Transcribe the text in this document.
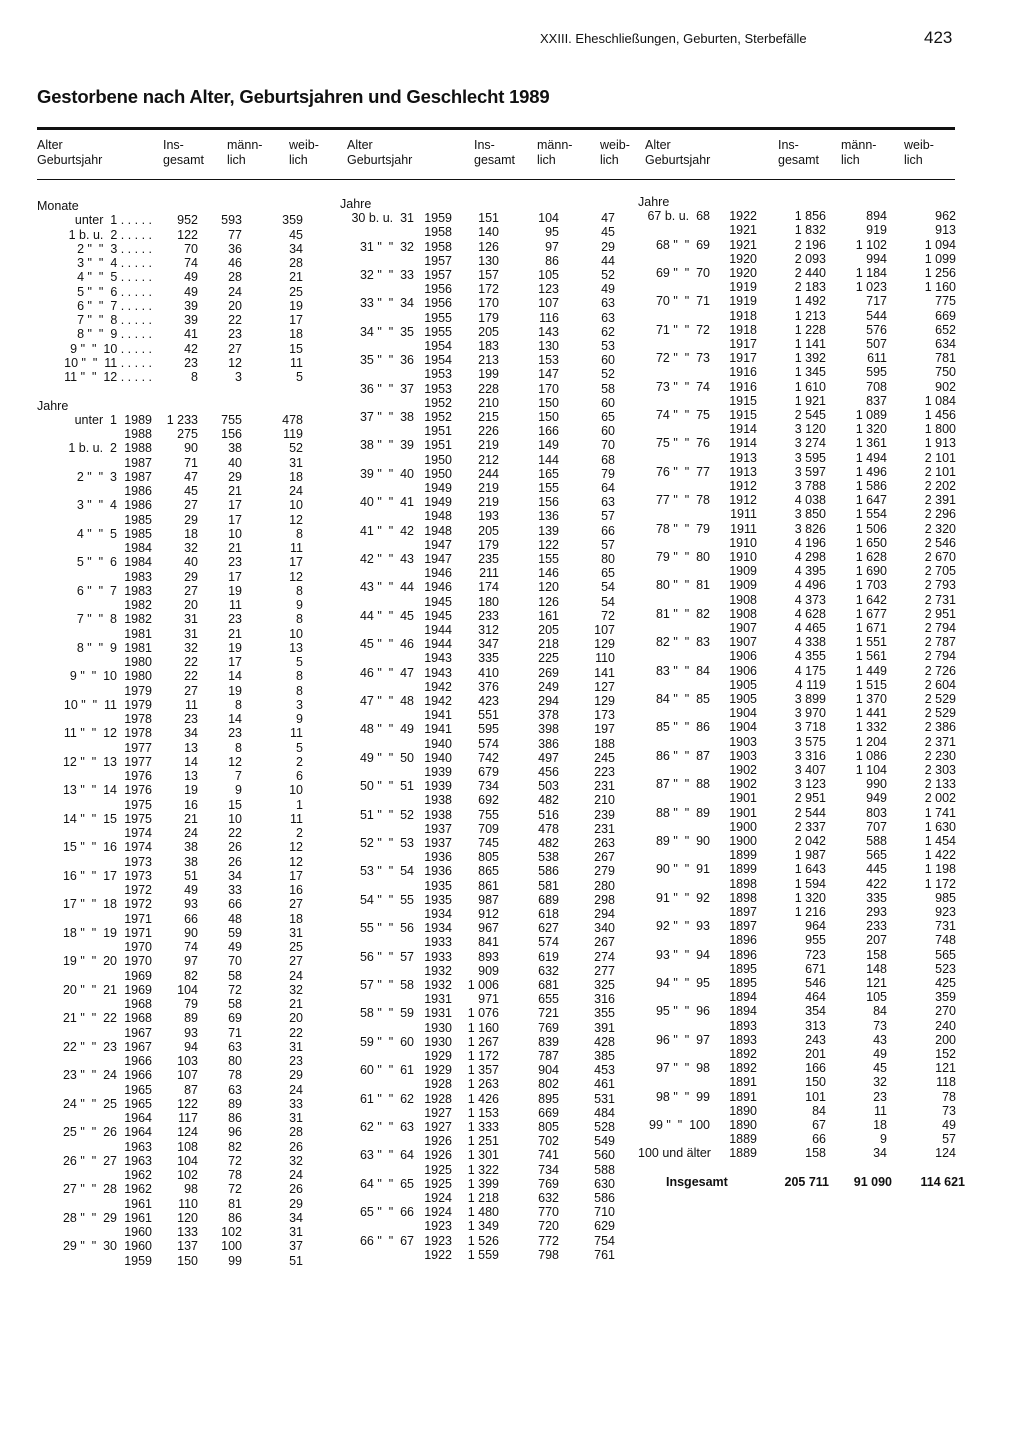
XXIII. Eheschließungen, Geburten, Sterbefälle	423
Gestorbene nach Alter, Geburtsjahren und Geschlecht 1989
Alter
Geburtsjahr
Ins-
gesamt
männ-
lich
weib-
lich
Alter
Geburtsjahr
Ins-
gesamt
männ-
lich
weib-
lich
Alter
Geburtsjahr
Ins-
gesamt
männ-
lich
weib-
lich
Monate
unter  1 . . . . .	952	593	359
1 b. u.  2 . . . . .	122	77	45
2 "  "  3 . . . . .	70	36	34
3 "  "  4 . . . . .	74	46	28
4 "  "  5 . . . . .	49	28	21
5 "  "  6 . . . . .	49	24	25
6 "  "  7 . . . . .	39	20	19
7 "  "  8 . . . . .	39	22	17
8 "  "  9 . . . . .	41	23	18
9 "  "  10 . . . . .	42	27	15
10 "  "  11 . . . . .	23	12	11
11 "  "  12 . . . . .	8	3	5
Jahre
unter  1 1989	1 233	755	478
1988	275	156	119
1 b. u.  2 1988	90	38	52
1987	71	40	31
2 "  "  3 1987	47	29	18
1986	45	21	24
3 "  "  4 1986	27	17	10
1985	29	17	12
4 "  "  5 1985	18	10	8
1984	32	21	11
5 "  "  6 1984	40	23	17
1983	29	17	12
6 "  "  7 1983	27	19	8
1982	20	11	9
7 "  "  8 1982	31	23	8
1981	31	21	10
8 "  "  9 1981	32	19	13
1980	22	17	5
9 "  "  10 1980	22	14	8
1979	27	19	8
10 "  "  11 1979	11	8	3
1978	23	14	9
11 "  "  12 1978	34	23	11
1977	13	8	5
12 "  "  13 1977	14	12	2
1976	13	7	6
13 "  "  14 1976	19	9	10
1975	16	15	1
14 "  "  15 1975	21	10	11
1974	24	22	2
15 "  "  16 1974	38	26	12
1973	38	26	12
16 "  "  17 1973	51	34	17
1972	49	33	16
17 "  "  18 1972	93	66	27
1971	66	48	18
18 "  "  19 1971	90	59	31
1970	74	49	25
19 "  "  20 1970	97	70	27
1969	82	58	24
20 "  "  21 1969	104	72	32
1968	79	58	21
21 "  "  22 1968	89	69	20
1967	93	71	22
22 "  "  23 1967	94	63	31
1966	103	80	23
23 "  "  24 1966	107	78	29
1965	87	63	24
24 "  "  25 1965	122	89	33
1964	117	86	31
25 "  "  26 1964	124	96	28
1963	108	82	26
26 "  "  27 1963	104	72	32
1962	102	78	24
27 "  "  28 1962	98	72	26
1961	110	81	29
28 "  "  29 1961	120	86	34
1960	133	102	31
29 "  "  30 1960	137	100	37
1959	150	99	51
Jahre
30 b. u.  31 1959	151	104	47
1958	140	95	45
31 "  "  32 1958	126	97	29
1957	130	86	44
32 "  "  33 1957	157	105	52
1956	172	123	49
33 "  "  34 1956	170	107	63
1955	179	116	63
34 "  "  35 1955	205	143	62
1954	183	130	53
35 "  "  36 1954	213	153	60
1953	199	147	52
36 "  "  37 1953	228	170	58
1952	210	150	60
37 "  "  38 1952	215	150	65
1951	226	166	60
38 "  "  39 1951	219	149	70
1950	212	144	68
39 "  "  40 1950	244	165	79
1949	219	155	64
40 "  "  41 1949	219	156	63
1948	193	136	57
41 "  "  42 1948	205	139	66
1947	179	122	57
42 "  "  43 1947	235	155	80
1946	211	146	65
43 "  "  44 1946	174	120	54
1945	180	126	54
44 "  "  45 1945	233	161	72
1944	312	205	107
45 "  "  46 1944	347	218	129
1943	335	225	110
46 "  "  47 1943	410	269	141
1942	376	249	127
47 "  "  48 1942	423	294	129
1941	551	378	173
48 "  "  49 1941	595	398	197
1940	574	386	188
49 "  "  50 1940	742	497	245
1939	679	456	223
50 "  "  51 1939	734	503	231
1938	692	482	210
51 "  "  52 1938	755	516	239
1937	709	478	231
52 "  "  53 1937	745	482	263
1936	805	538	267
53 "  "  54 1936	865	586	279
1935	861	581	280
54 "  "  55 1935	987	689	298
1934	912	618	294
55 "  "  56 1934	967	627	340
1933	841	574	267
56 "  "  57 1933	893	619	274
1932	909	632	277
57 "  "  58 1932	1 006	681	325
1931	971	655	316
58 "  "  59 1931	1 076	721	355
1930	1 160	769	391
59 "  "  60 1930	1 267	839	428
1929	1 172	787	385
60 "  "  61 1929	1 357	904	453
1928	1 263	802	461
61 "  "  62 1928	1 426	895	531
1927	1 153	669	484
62 "  "  63 1927	1 333	805	528
1926	1 251	702	549
63 "  "  64 1926	1 301	741	560
1925	1 322	734	588
64 "  "  65 1925	1 399	769	630
1924	1 218	632	586
65 "  "  66 1924	1 480	770	710
1923	1 349	720	629
66 "  "  67 1923	1 526	772	754
1922	1 559	798	761
Jahre
67 b. u.  68	1922	1 856	894	962
1921	1 832	919	913
68 "  "  69	1921	2 196	1 102	1 094
1920	2 093	994	1 099
69 "  "  70	1920	2 440	1 184	1 256
1919	2 183	1 023	1 160
70 "  "  71	1919	1 492	717	775
1918	1 213	544	669
71 "  "  72	1918	1 228	576	652
1917	1 141	507	634
72 "  "  73	1917	1 392	611	781
1916	1 345	595	750
73 "  "  74	1916	1 610	708	902
1915	1 921	837	1 084
74 "  "  75	1915	2 545	1 089	1 456
1914	3 120	1 320	1 800
75 "  "  76	1914	3 274	1 361	1 913
1913	3 595	1 494	2 101
76 "  "  77	1913	3 597	1 496	2 101
1912	3 788	1 586	2 202
77 "  "  78	1912	4 038	1 647	2 391
1911	3 850	1 554	2 296
78 "  "  79	1911	3 826	1 506	2 320
1910	4 196	1 650	2 546
79 "  "  80	1910	4 298	1 628	2 670
1909	4 395	1 690	2 705
80 "  "  81	1909	4 496	1 703	2 793
1908	4 373	1 642	2 731
81 "  "  82	1908	4 628	1 677	2 951
1907	4 465	1 671	2 794
82 "  "  83	1907	4 338	1 551	2 787
1906	4 355	1 561	2 794
83 "  "  84	1906	4 175	1 449	2 726
1905	4 119	1 515	2 604
84 "  "  85	1905	3 899	1 370	2 529
1904	3 970	1 441	2 529
85 "  "  86	1904	3 718	1 332	2 386
1903	3 575	1 204	2 371
86 "  "  87	1903	3 316	1 086	2 230
1902	3 407	1 104	2 303
87 "  "  88	1902	3 123	990	2 133
1901	2 951	949	2 002
88 "  "  89	1901	2 544	803	1 741
1900	2 337	707	1 630
89 "  "  90	1900	2 042	588	1 454
1899	1 987	565	1 422
90 "  "  91	1899	1 643	445	1 198
1898	1 594	422	1 172
91 "  "  92	1898	1 320	335	985
1897	1 216	293	923
92 "  "  93	1897	964	233	731
1896	955	207	748
93 "  "  94	1896	723	158	565
1895	671	148	523
94 "  "  95	1895	546	121	425
1894	464	105	359
95 "  "  96	1894	354	84	270
1893	313	73	240
96 "  "  97	1893	243	43	200
1892	201	49	152
97 "  "  98	1892	166	45	121
1891	150	32	118
98 "  "  99	1891	101	23	78
1890	84	11	73
99 "  "  100	1890	67	18	49
1889	66	9	57
100 und älter	1889	158	34	124
Insgesamt	205 711	91 090	114 621
